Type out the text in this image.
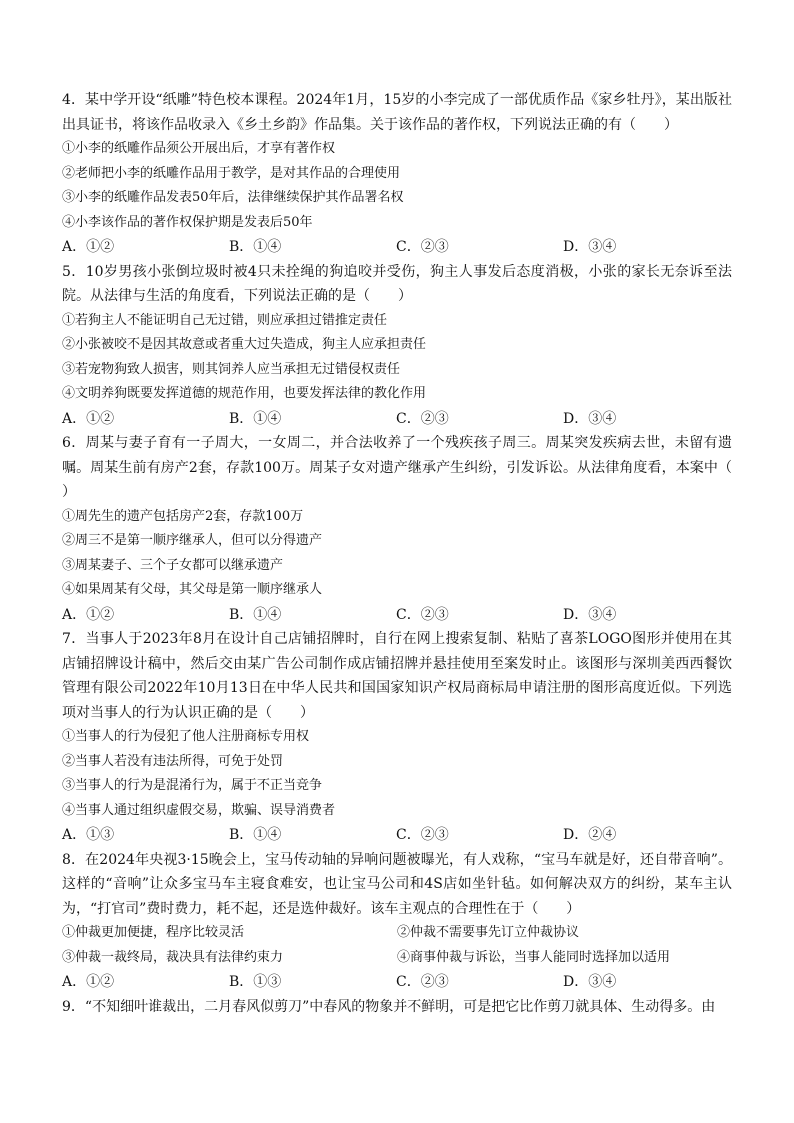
4．某中学开设“纸雕”特色校本课程。2024年1月，15岁的小李完成了一部优质作品《家乡牡丹》，某出版社出具证书，将该作品收录入《乡土乡韵》作品集。关于该作品的著作权，下列说法正确的有（　　）

①小李的纸雕作品须公开展出后，才享有著作权

②老师把小李的纸雕作品用于教学，是对其作品的合理使用

③小李的纸雕作品发表50年后，法律继续保护其作品署名权

④小李该作品的著作权保护期是发表后50年

A．①②	B．①④	C．②③	D．③④

5．10岁男孩小张倒垃圾时被4只未拴绳的狗追咬并受伤，狗主人事发后态度消极，小张的家长无奈诉至法院。从法律与生活的角度看，下列说法正确的是（　　）

①若狗主人不能证明自己无过错，则应承担过错推定责任

②小张被咬不是因其故意或者重大过失造成，狗主人应承担责任

③若宠物狗致人损害，则其饲养人应当承担无过错侵权责任

④文明养狗既要发挥道德的规范作用，也要发挥法律的教化作用

A．①②	B．①④	C．②③	D．③④

6．周某与妻子育有一子周大，一女周二，并合法收养了一个残疾孩子周三。周某突发疾病去世，未留有遗嘱。周某生前有房产2套，存款100万。周某子女对遗产继承产生纠纷，引发诉讼。从法律角度看，本案中（　　）

①周先生的遗产包括房产2套，存款100万

②周三不是第一顺序继承人，但可以分得遗产

③周某妻子、三个子女都可以继承遗产

④如果周某有父母，其父母是第一顺序继承人

A．①②	B．①④	C．②③	D．③④

7．当事人于2023年8月在设计自己店铺招牌时，自行在网上搜索复制、粘贴了喜茶LOGO图形并使用在其店铺招牌设计稿中，然后交由某广告公司制作成店铺招牌并悬挂使用至案发时止。该图形与深圳美西西餐饮管理有限公司2022年10月13日在中华人民共和国国家知识产权局商标局申请注册的图形高度近似。下列选项对当事人的行为认识正确的是（　　）

①当事人的行为侵犯了他人注册商标专用权

②当事人若没有违法所得，可免于处罚

③当事人的行为是混淆行为，属于不正当竞争

④当事人通过组织虚假交易，欺骗、误导消费者

A．①③	B．①④	C．②③	D．②④

8．在2024年央视3·15晚会上，宝马传动轴的异响问题被曝光，有人戏称，“宝马车就是好，还自带音响”。这样的“音响”让众多宝马车主寝食难安，也让宝马公司和4S店如坐针毡。如何解决双方的纠纷，某车主认为，“打官司”费时费力，耗不起，还是选仲裁好。该车主观点的合理性在于（　　）

①仲裁更加便捷，程序比较灵活	②仲裁不需要事先订立仲裁协议

③仲裁一裁终局，裁决具有法律约束力	④商事仲裁与诉讼，当事人能同时选择加以适用

A．①②	B．①③	C．②③	D．③④

9．“不知细叶谁裁出，二月春风似剪刀”中春风的物象并不鲜明，可是把它比作剪刀就具体、生动得多。由
